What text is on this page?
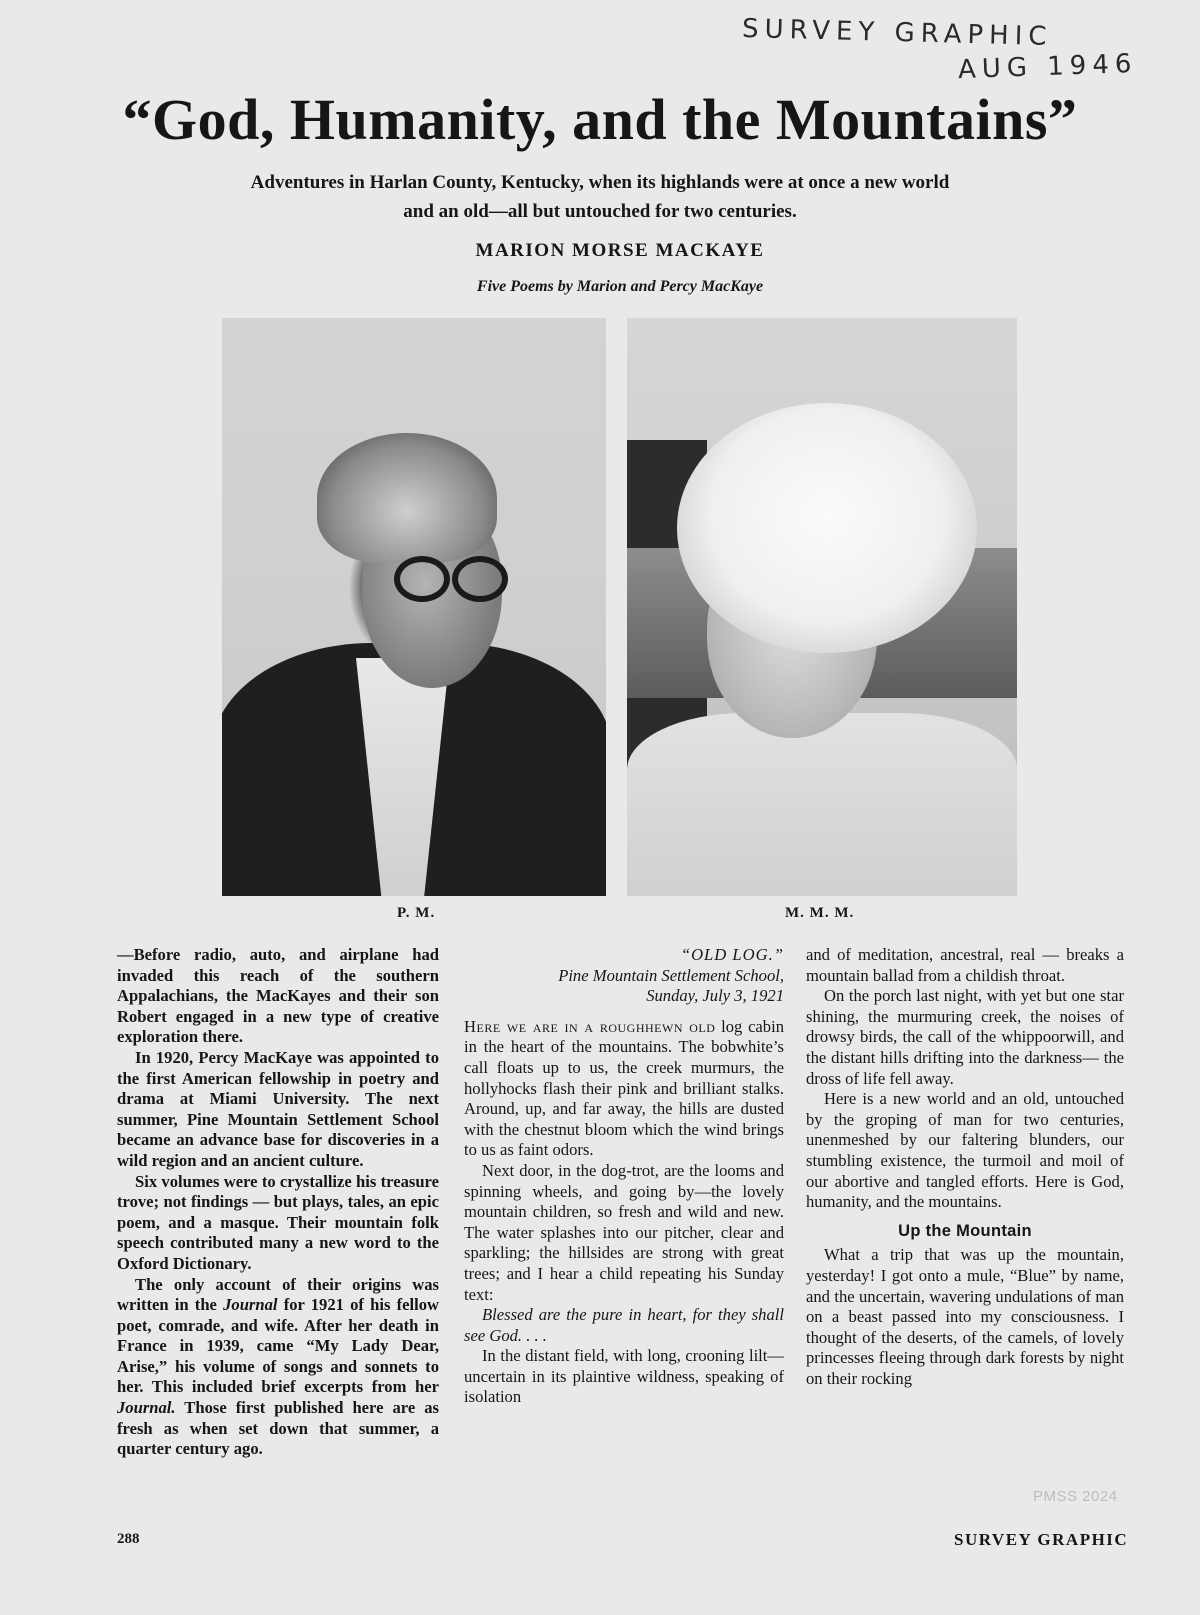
SURVEY GRAPHIC
AUG 1946
“God, Humanity, and the Mountains”

Adventures in Harlan County, Kentucky, when its highlands were at once a new world and an old—all but untouched for two centuries.

MARION MORSE MACKAYE

Five Poems by Marion and Percy MacKaye

P. M.	M. M. M.

—Before radio, auto, and airplane had invaded this reach of the southern Appalachians, the MacKayes and their son Robert engaged in a new type of creative exploration there.

In 1920, Percy MacKaye was appointed to the first American fellowship in poetry and drama at Miami University. The next summer, Pine Mountain Settlement School became an advance base for discoveries in a wild region and an ancient culture.

Six volumes were to crystallize his treasure trove; not findings — but plays, tales, an epic poem, and a masque. Their mountain folk speech contributed many a new word to the Oxford Dictionary.

The only account of their origins was written in the Journal for 1921 of his fellow poet, comrade, and wife. After her death in France in 1939, came “My Lady Dear, Arise,” his volume of songs and sonnets to her. This included brief excerpts from her Journal. Those first published here are as fresh as when set down that summer, a quarter century ago.

“OLD LOG.”

Pine Mountain Settlement School,

Sunday, July 3, 1921

Here we are in a roughhewn old log cabin in the heart of the mountains. The bobwhite’s call floats up to us, the creek murmurs, the hollyhocks flash their pink and brilliant stalks. Around, up, and far away, the hills are dusted with the chestnut bloom which the wind brings to us as faint odors.

Next door, in the dog-trot, are the looms and spinning wheels, and going by—the lovely mountain children, so fresh and wild and new. The water splashes into our pitcher, clear and sparkling; the hillsides are strong with great trees; and I hear a child repeating his Sunday text:

Blessed are the pure in heart, for they shall see God. . . .

In the distant field, with long, crooning lilt—uncertain in its plaintive wildness, speaking of isolation

and of meditation, ancestral, real — breaks a mountain ballad from a childish throat.

On the porch last night, with yet but one star shining, the murmuring creek, the noises of drowsy birds, the call of the whippoorwill, and the distant hills drifting into the darkness— the dross of life fell away.

Here is a new world and an old, untouched by the groping of man for two centuries, unenmeshed by our faltering blunders, our stumbling existence, the turmoil and moil of our abortive and tangled efforts. Here is God, humanity, and the mountains.

Up the Mountain

What a trip that was up the mountain, yesterday! I got onto a mule, “Blue” by name, and the uncertain, wavering undulations of man on a beast passed into my consciousness. I thought of the deserts, of the camels, of lovely princesses fleeing through dark forests by night on their rocking

PMSS 2024
288	SURVEY GRAPHIC
